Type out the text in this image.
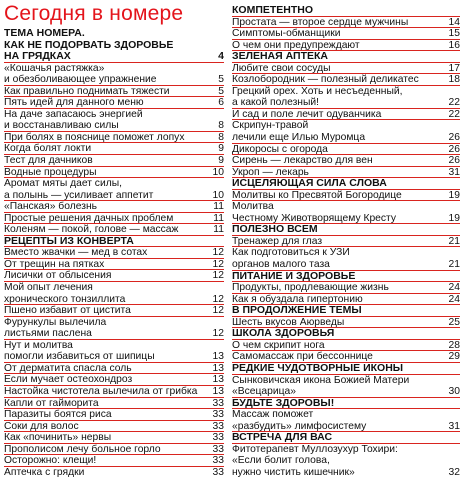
Сегодня в номере
ТЕМА НОМЕРА.
КАК НЕ ПОДОРВАТЬ ЗДОРОВЬЕ
НА ГРЯДКАХ	4
«Кошачья растяжка»
и обезболивающее упражнение	5
Как правильно поднимать тяжести	5
Пять идей для данного меню	6
На даче запасаюсь энергией
и восстанавливаю силы	8
При болях в пояснице поможет лопух	8
Когда болят локти	9
Тест для дачников	9
Водные процедуры	10
Аромат мяты дает силы,
а полынь — усиливает аппетит	10
«Панская» болезнь	11
Простые решения дачных проблем	11
Коленям — покой, голове — массаж	11
РЕЦЕПТЫ ИЗ КОНВЕРТА
Вместо жвачки — мед в сотах	12
От трещин на пятках	12
Лисички от облысения	12
Мой опыт лечения
хронического тонзиллита	12
Пшено избавит от цистита	12
Фурункулы вылечила
листьями паслена	12
Нут и молитва
помогли избавиться от шипицы	13
От дерматита спасла соль	13
Если мучает остеохондроз	13
Настойка чистотела вылечила от грибка	13
Капли от гайморита	33
Паразиты боятся риса	33
Соки для волос	33
Как «починить» нервы	33
Прополисом лечу больное горло	33
Осторожно: клещи!	33
Аптечка с грядки	33
КОМПЕТЕНТНО
Простата — второе сердце мужчины	14
Симптомы-обманщики	15
О чем они предупреждают	16
ЗЕЛЕНАЯ АПТЕКА
Любите свои сосуды	17
Козлобородник — полезный деликатес	18
Грецкий орех. Хоть и несъеденный,
а какой полезный!	22
И сад и поле лечит одуванчика	22
Скрипун-травой
лечили еще Илью Муромца	26
Дикоросы с огорода	26
Сирень — лекарство для вен	26
Укроп — лекарь	31
ИСЦЕЛЯЮЩАЯ СИЛА СЛОВА
Молитвы ко Пресвятой Богородице	19
Молитва
Честному Животворящему Кресту	19
ПОЛЕЗНО ВСЕМ
Тренажер для глаз	21
Как подготовиться к УЗИ
органов малого таза	21
ПИТАНИЕ И ЗДОРОВЬЕ
Продукты, продлевающие жизнь	24
Как я обуздала гипертонию	24
В ПРОДОЛЖЕНИЕ ТЕМЫ
Шесть вкусов Аюрведы	25
ШКОЛА ЗДОРОВЬЯ
О чем скрипит нога	28
Самомассаж при бессоннице	29
РЕДКИЕ ЧУДОТВОРНЫЕ ИКОНЫ
Сынковичская икона Божией Матери
«Всецарица»	30
БУДЬТЕ ЗДОРОВЫ!
Массаж поможет
«разбудить» лимфосистему	31
ВСТРЕЧА ДЛЯ ВАС
Фитотерапевт Муллозухур Тохири:
«Если болит голова,
нужно чистить кишечник»	32
